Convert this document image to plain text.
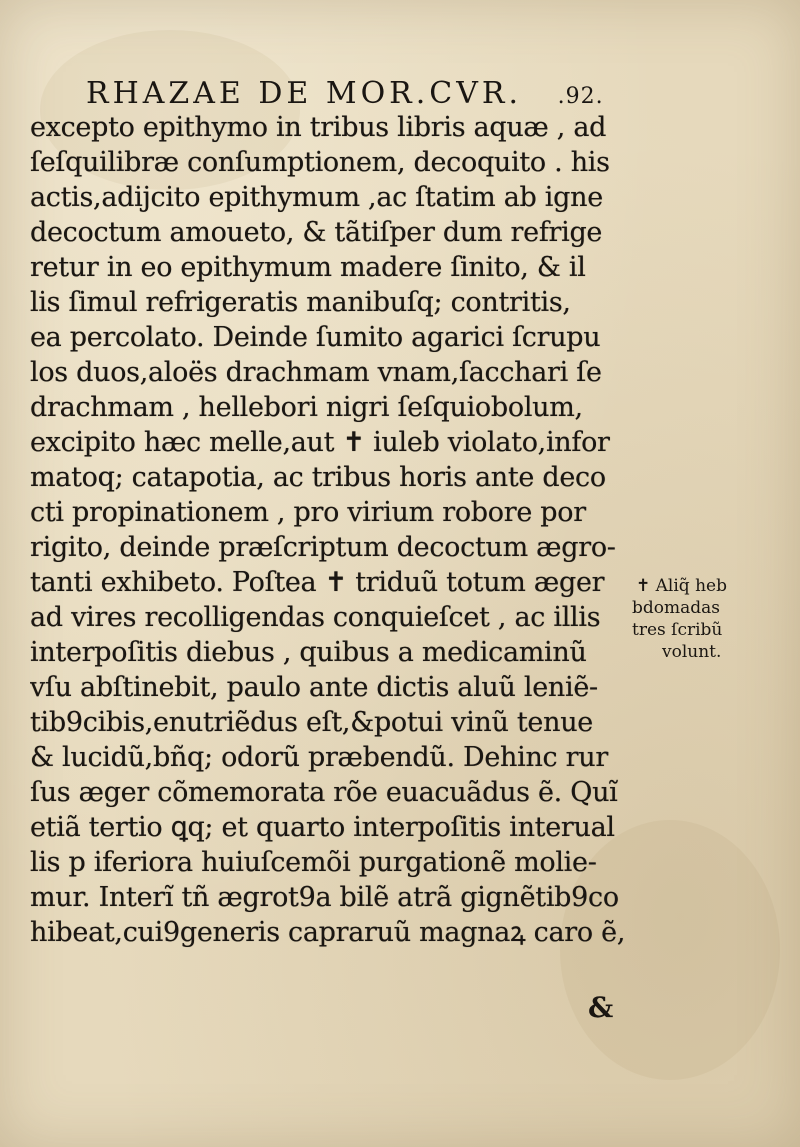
RHAZAE DE MOR.CVR. .92.
excepto epithymo in tribus libris aquæ , ad
ſeſquilibræ conſumptionem, decoquito . his
actis,adijcito epithymum ,ac ſtatim ab igne
decoctum amoueto, & tãtiſper dum refrige
retur in eo epithymum madere ſinito, & il
lis ſimul refrigeratis manibuſq; contritis,
ea percolato. Deinde ſumito agarici ſcrupu
los duos,aloës drachmam vnam,ſacchari ſe
drachmam , hellebori nigri ſeſquiobolum,
excipito hæc melle,aut ✝ iuleb violato,infor
matoq; catapotia, ac tribus horis ante deco
cti propinationem , pro virium robore por
rigito, deinde præſcriptum decoctum ægro-
tanti exhibeto. Poſtea ✝ triduũ totum æger
ad vires recolligendas conquieſcet , ac illis
interpoſitis diebus , quibus a medicaminũ
vſu abſtinebit, paulo ante dictis aluũ leniẽ-
tib9cibis,enutriẽdus eſt,&potui vinũ tenue
& lucidũ,bñq; odorũ præbendũ. Dehinc rur
ſus æger cõmemorata rõe euacuãdus ẽ. Quĩ
etiã tertio ꝗq; et quarto interpoſitis interual
lis p iferiora huiuſcemõi purgationẽ molie-
mur. Interĩ tñ ægrot9a bilẽ atrã gignẽtib9co
hibeat,cui9generis capraruũ magnaꝝ caro ẽ,
✝ Aliq̃ heb
bdomadas
tres ſcribũ
volunt.
&
